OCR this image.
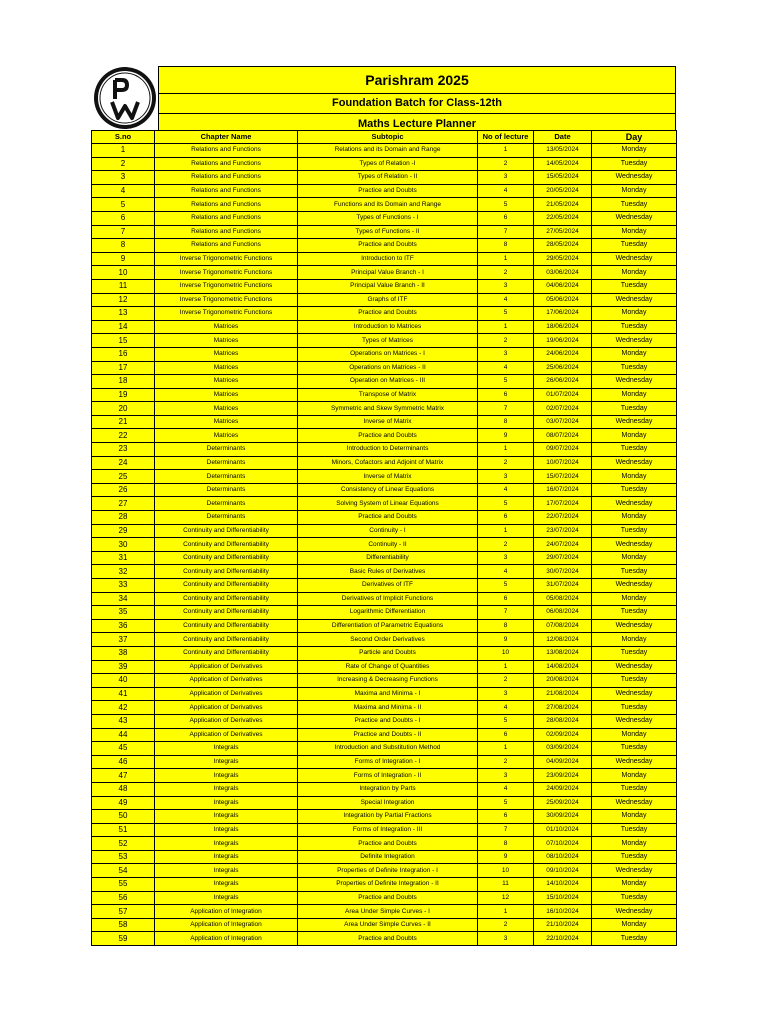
Parishram 2025
Foundation Batch for Class-12th
Maths Lecture Planner
S.no	Chapter Name	Subtopic	No of lecture	Date	Day
1	Relations and Functions	Relations and its Domain and Range	1	13/05/2024	Monday
2	Relations and Functions	Types of Relation -I	2	14/05/2024	Tuesday
3	Relations and Functions	Types of Relation - II	3	15/05/2024	Wednesday
4	Relations and Functions	Practice and Doubts	4	20/05/2024	Monday
5	Relations and Functions	Functions and its Domain and Range	5	21/05/2024	Tuesday
6	Relations and Functions	Types of Functions - I	6	22/05/2024	Wednesday
7	Relations and Functions	Types of Functions - II	7	27/05/2024	Monday
8	Relations and Functions	Practice and Doubts	8	28/05/2024	Tuesday
9	Inverse Trigonometric Functions	Introduction to ITF	1	29/05/2024	Wednesday
10	Inverse Trigonometric Functions	Principal Value Branch - I	2	03/06/2024	Monday
11	Inverse Trigonometric Functions	Principal Value Branch - II	3	04/06/2024	Tuesday
12	Inverse Trigonometric Functions	Graphs of ITF	4	05/06/2024	Wednesday
13	Inverse Trigonometric Functions	Practice and Doubts	5	17/06/2024	Monday
14	Matrices	Introduction to Matrices	1	18/06/2024	Tuesday
15	Matrices	Types of Matrices	2	19/06/2024	Wednesday
16	Matrices	Operations on Matrices - I	3	24/06/2024	Monday
17	Matrices	Operations on Matrices - II	4	25/06/2024	Tuesday
18	Matrices	Operation on Matrices - III	5	26/06/2024	Wednesday
19	Matrices	Transpose of Matrix	6	01/07/2024	Monday
20	Matrices	Symmetric and Skew Symmetric Matrix	7	02/07/2024	Tuesday
21	Matrices	Inverse of Matrix	8	03/07/2024	Wednesday
22	Matrices	Practice and Doubts	9	08/07/2024	Monday
23	Determinants	Introduction to Determinants	1	09/07/2024	Tuesday
24	Determinants	Minors, Cofactors and Adjoint of Matrix	2	10/07/2024	Wednesday
25	Determinants	Inverse of Matrix	3	15/07/2024	Monday
26	Determinants	Consistency of Linear Equations	4	16/07/2024	Tuesday
27	Determinants	Solving System of Linear Equations	5	17/07/2024	Wednesday
28	Determinants	Practice and Doubts	6	22/07/2024	Monday
29	Continuity and Differentiability	Continuity - I	1	23/07/2024	Tuesday
30	Continuity and Differentiability	Continuity - II	2	24/07/2024	Wednesday
31	Continuity and Differentiability	Differentiability	3	29/07/2024	Monday
32	Continuity and Differentiability	Basic Rules of Derivatives	4	30/07/2024	Tuesday
33	Continuity and Differentiability	Derivatives of ITF	5	31/07/2024	Wednesday
34	Continuity and Differentiability	Derivatives of Implicit Functions	6	05/08/2024	Monday
35	Continuity and Differentiability	Logarithmic Differentiation	7	06/08/2024	Tuesday
36	Continuity and Differentiability	Differentiation of Parametric Equations	8	07/08/2024	Wednesday
37	Continuity and Differentiability	Second Order Derivatives	9	12/08/2024	Monday
38	Continuity and Differentiability	Particle and Doubts	10	13/08/2024	Tuesday
39	Application of Derivatives	Rate of Change of Quantities	1	14/08/2024	Wednesday
40	Application of Derivatives	Increasing & Decreasing Functions	2	20/08/2024	Tuesday
41	Application of Derivatives	Maxima and Minima - I	3	21/08/2024	Wednesday
42	Application of Derivatives	Maxima and Minima - II	4	27/08/2024	Tuesday
43	Application of Derivatives	Practice and Doubts - I	5	28/08/2024	Wednesday
44	Application of Derivatives	Practice and Doubts - II	6	02/09/2024	Monday
45	Integrals	Introduction and Substitution Method	1	03/09/2024	Tuesday
46	Integrals	Forms of Integration - I	2	04/09/2024	Wednesday
47	Integrals	Forms of Integration - II	3	23/09/2024	Monday
48	Integrals	Integration by Parts	4	24/09/2024	Tuesday
49	Integrals	Special Integration	5	25/09/2024	Wednesday
50	Integrals	Integration by Partial Fractions	6	30/09/2024	Monday
51	Integrals	Forms of Integration - III	7	01/10/2024	Tuesday
52	Integrals	Practice and Doubts	8	07/10/2024	Monday
53	Integrals	Definite Integration	9	08/10/2024	Tuesday
54	Integrals	Properties of Definite Integration - I	10	09/10/2024	Wednesday
55	Integrals	Properties of Definite Integration - II	11	14/10/2024	Monday
56	Integrals	Practice and Doubts	12	15/10/2024	Tuesday
57	Application of Integration	Area Under Simple Curves - I	1	16/10/2024	Wednesday
58	Application of Integration	Area Under Simple Curves - II	2	21/10/2024	Monday
59	Application of Integration	Practice and Doubts	3	22/10/2024	Tuesday
